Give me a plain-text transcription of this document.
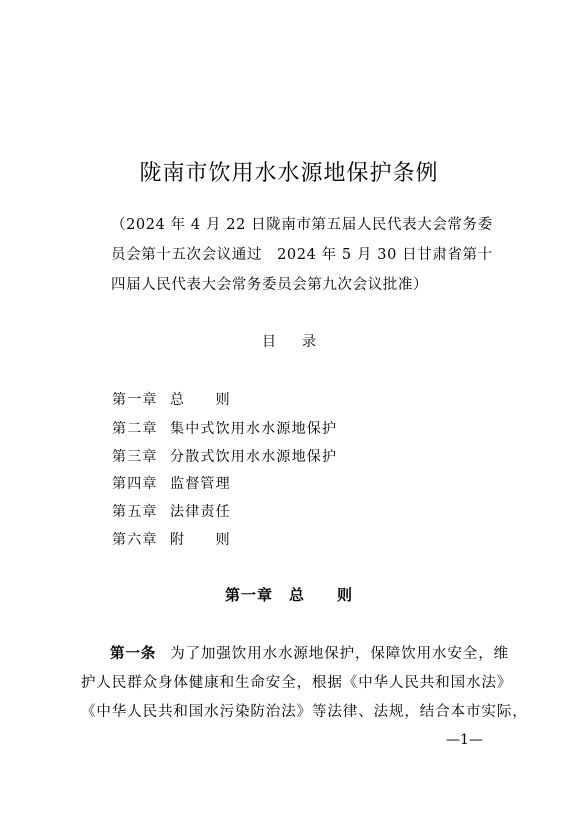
陇南市饮用水水源地保护条例
（2024 年 4 月 22 日陇南市第五届人民代表大会常务委
员会第十五次会议通过　2024 年 5 月 30 日甘肃省第十
四届人民代表大会常务委员会第九次会议批准）
目录
第一章 总　　则
第二章 集中式饮用水水源地保护
第三章 分散式饮用水水源地保护
第四章 监督管理
第五章 法律责任
第六章 附　　则
第一章　总　　则
第一条 为了加强饮用水水源地保护，保障饮用水安全，维
护人民群众身体健康和生命安全，根据《中华人民共和国水法》
《中华人民共和国水污染防治法》等法律、法规，结合本市实际，
—1—
